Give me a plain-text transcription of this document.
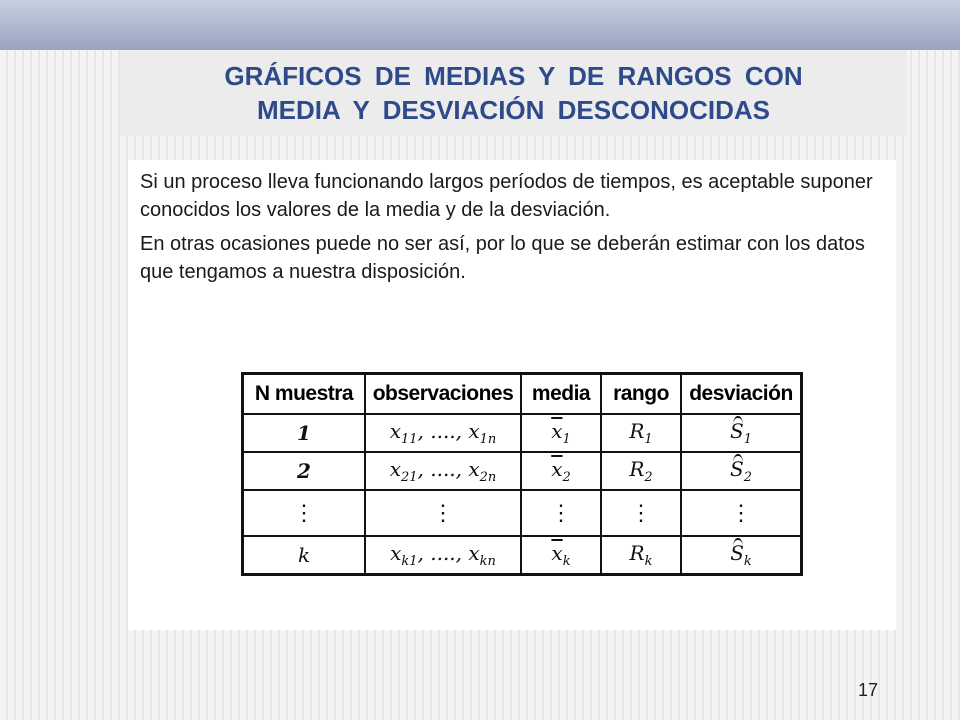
GRÁFICOS DE MEDIAS Y DE RANGOS CON
MEDIA Y DESVIACIÓN DESCONOCIDAS

Si un proceso lleva funcionando largos períodos de tiempos, es aceptable suponer conocidos los valores de la media y de la desviación.

En otras ocasiones puede no ser así, por lo que se deberán estimar con los datos que tengamos a nuestra disposición.

N muestra	observaciones	media	rango	desviación
1	$x_{11}$, ...., $x_{1n}$	$\overline{x}_1$	$R_1$	$S_1$
2	$x_{21}$, ...., $x_{2n}$	$\overline{x}_2$	$R_2$	$S_2$
⋮	⋮	⋮	⋮	⋮
k	$x_{k1}$, ...., $x_{kn}$	$\overline{x}_k$	$R_k$	$S_k$
17
